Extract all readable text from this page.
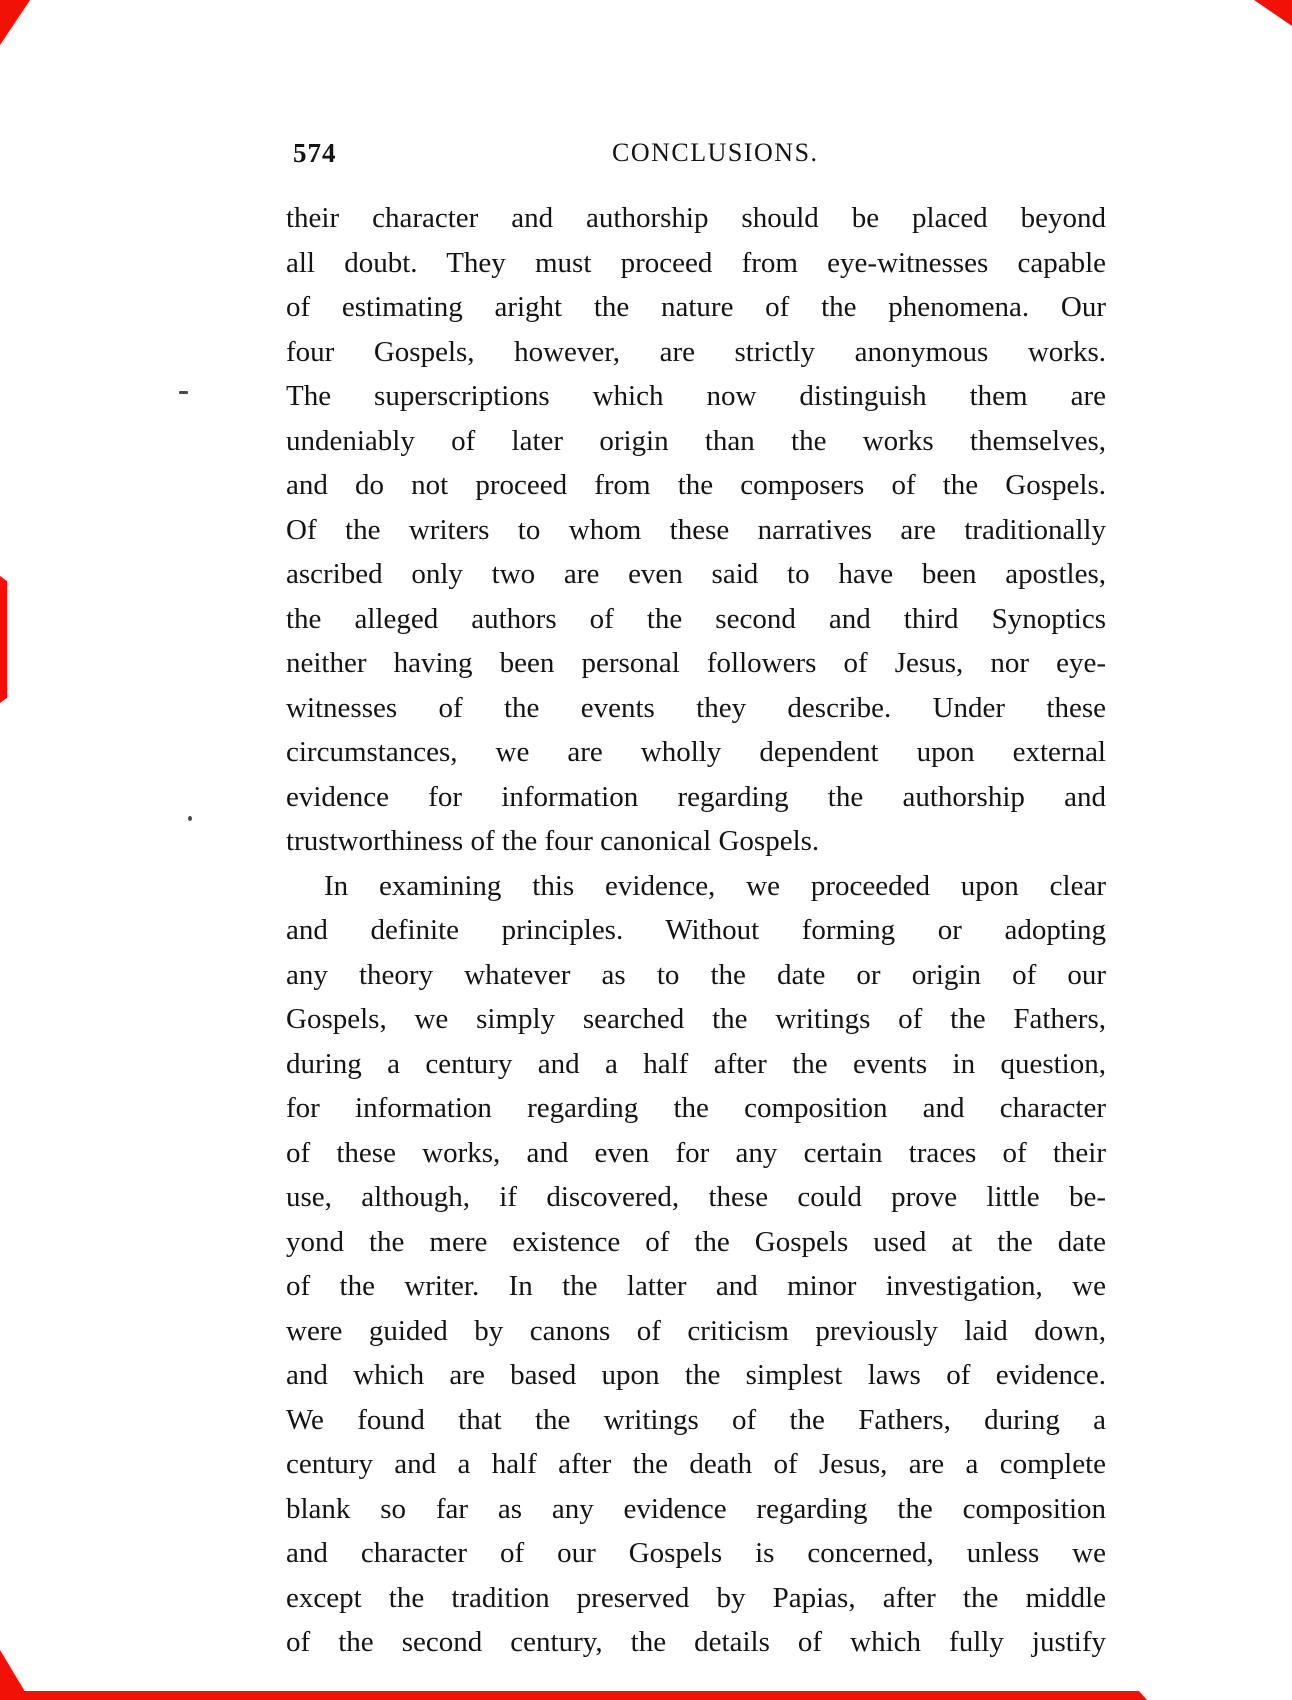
574	CONCLUSIONS.
their character and authorship should be placed beyond
all doubt. They must proceed from eye-witnesses capable
of estimating aright the nature of the phenomena. Our
four Gospels, however, are strictly anonymous works.
The superscriptions which now distinguish them are
undeniably of later origin than the works themselves,
and do not proceed from the composers of the Gospels.
Of the writers to whom these narratives are traditionally
ascribed only two are even said to have been apostles,
the alleged authors of the second and third Synoptics
neither having been personal followers of Jesus, nor eye-
witnesses of the events they describe. Under these
circumstances, we are wholly dependent upon external
evidence for information regarding the authorship and
trustworthiness of the four canonical Gospels.
In examining this evidence, we proceeded upon clear
and definite principles. Without forming or adopting
any theory whatever as to the date or origin of our
Gospels, we simply searched the writings of the Fathers,
during a century and a half after the events in question,
for information regarding the composition and character
of these works, and even for any certain traces of their
use, although, if discovered, these could prove little be-
yond the mere existence of the Gospels used at the date
of the writer. In the latter and minor investigation, we
were guided by canons of criticism previously laid down,
and which are based upon the simplest laws of evidence.
We found that the writings of the Fathers, during a
century and a half after the death of Jesus, are a complete
blank so far as any evidence regarding the composition
and character of our Gospels is concerned, unless we
except the tradition preserved by Papias, after the middle
of the second century, the details of which fully justify
